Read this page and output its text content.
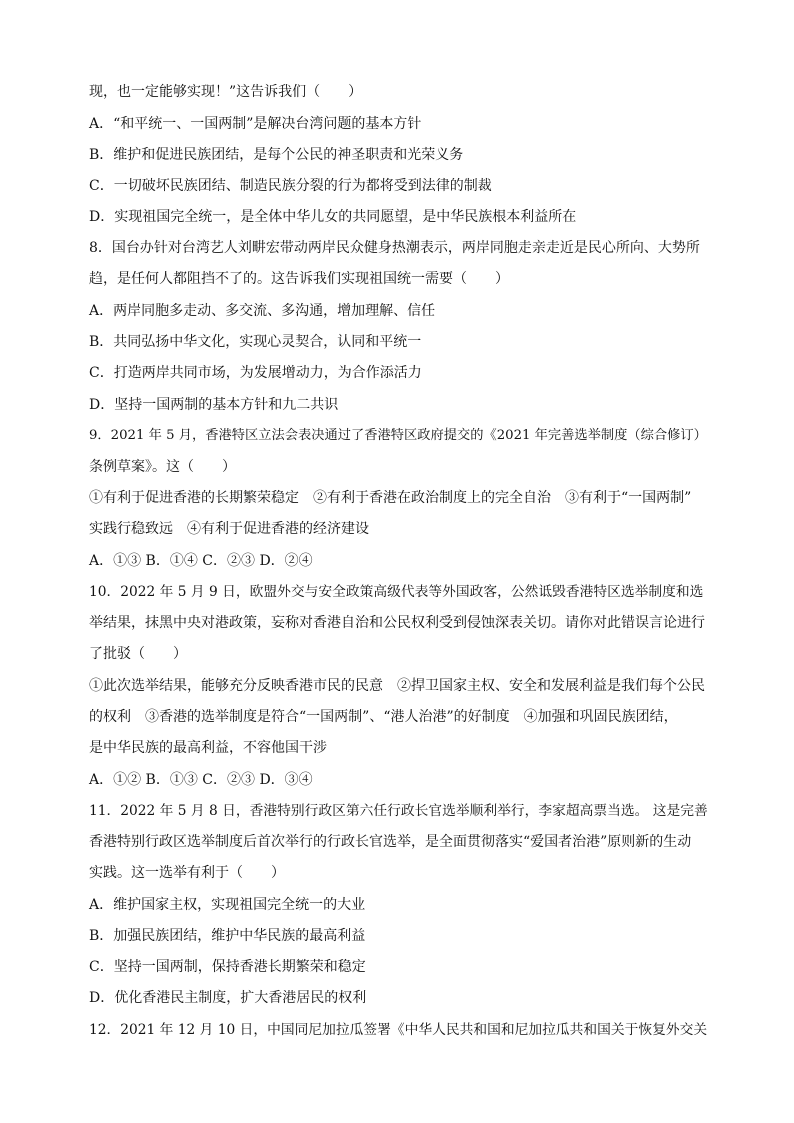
现，也一定能够实现！”这告诉我们（　　）
A．“和平统一、一国两制”是解决台湾问题的基本方针
B．维护和促进民族团结，是每个公民的神圣职责和光荣义务
C．一切破坏民族团结、制造民族分裂的行为都将受到法律的制裁
D．实现祖国完全统一，是全体中华儿女的共同愿望，是中华民族根本利益所在
8．国台办针对台湾艺人刘畊宏带动两岸民众健身热潮表示，两岸同胞走亲走近是民心所向、大势所
趋，是任何人都阻挡不了的。这告诉我们实现祖国统一需要（　　）
A．两岸同胞多走动、多交流、多沟通，增加理解、信任
B．共同弘扬中华文化，实现心灵契合，认同和平统一
C．打造两岸共同市场，为发展增动力，为合作添活力
D．坚持一国两制的基本方针和九二共识
9．2021 年 5 月，香港特区立法会表决通过了香港特区政府提交的《2021 年完善选举制度（综合修订）
条例草案》。这（　　）
①有利于促进香港的长期繁荣稳定　②有利于香港在政治制度上的完全自治　③有利于“一国两制”
实践行稳致远　④有利于促进香港的经济建设
A．①③ B．①④ C．②③ D．②④
10．2022 年 5 月 9 日，欧盟外交与安全政策高级代表等外国政客，公然诋毁香港特区选举制度和选
举结果，抹黑中央对港政策，妄称对香港自治和公民权利受到侵蚀深表关切。请你对此错误言论进行
了批驳（　　）
①此次选举结果，能够充分反映香港市民的民意　②捍卫国家主权、安全和发展利益是我们每个公民
的权利　③香港的选举制度是符合“一国两制”、“港人治港”的好制度　④加强和巩固民族团结，
是中华民族的最高利益，不容他国干涉
A．①② B．①③ C．②③ D．③④
11．2022 年 5 月 8 日，香港特别行政区第六任行政长官选举顺利举行，李家超高票当选。 这是完善
香港特别行政区选举制度后首次举行的行政长官选举，是全面贯彻落实“爱国者治港”原则新的生动
实践。这一选举有利于（　　）
A．维护国家主权，实现祖国完全统一的大业
B．加强民族团结，维护中华民族的最高利益
C．坚持一国两制，保持香港长期繁荣和稳定
D．优化香港民主制度，扩大香港居民的权利
12．2021 年 12 月 10 日，中国同尼加拉瓜签署《中华人民共和国和尼加拉瓜共和国关于恢复外交关
